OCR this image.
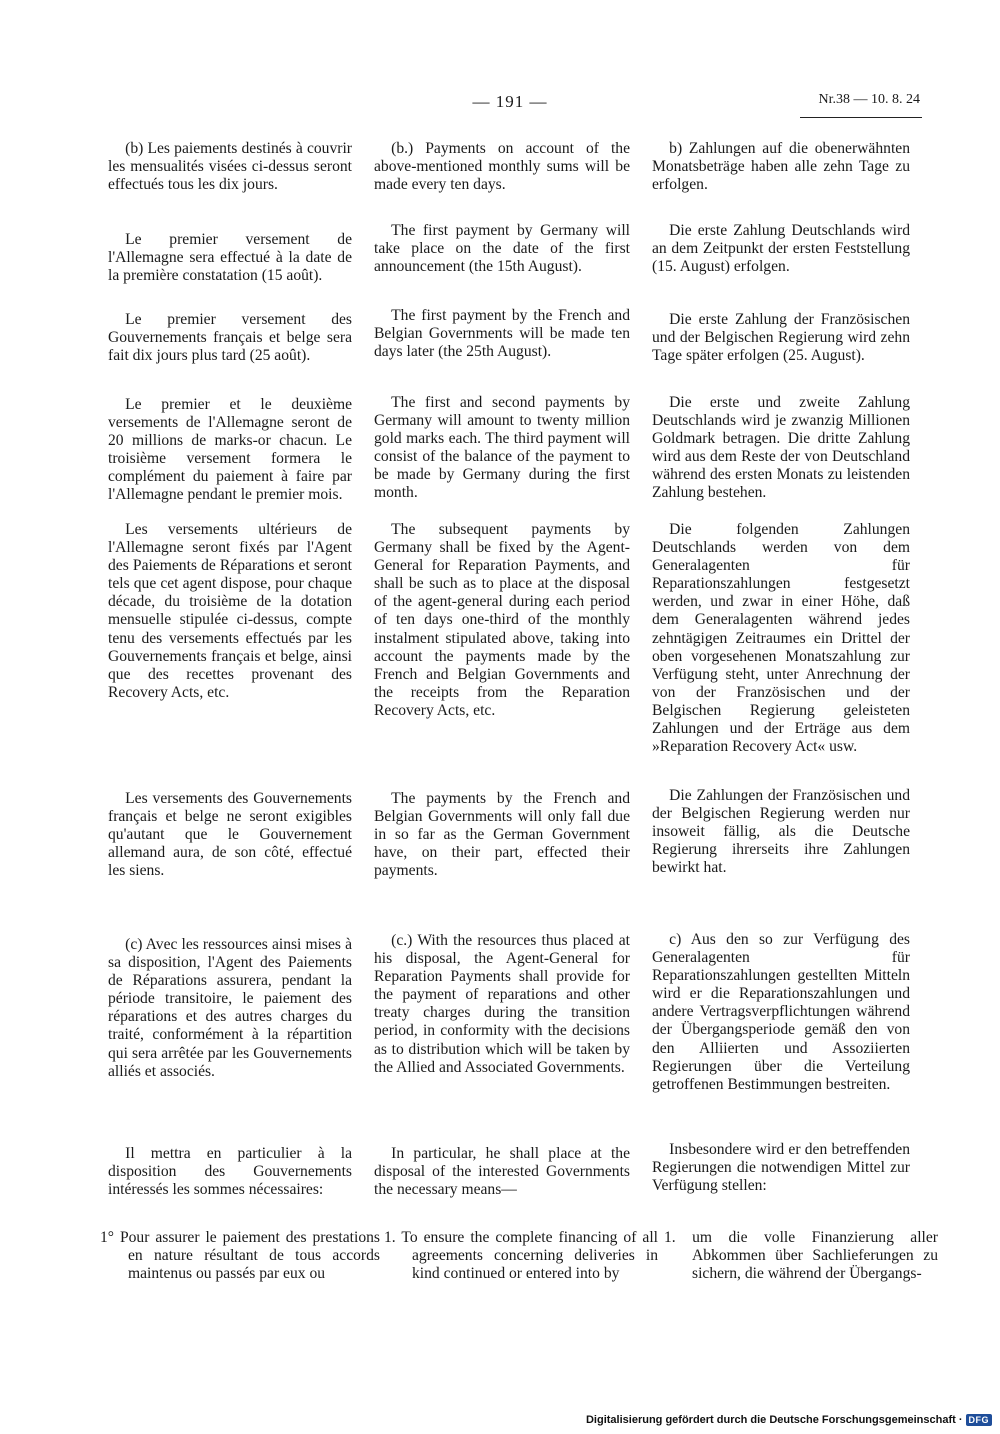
— 191 —	Nr.38 — 10. 8. 24

(b) Les paiements destinés à couvrir les mensualités visées ci-dessus seront effectués tous les dix jours.

Le premier versement de l'Allemagne sera effectué à la date de la première constatation (15 août).

Le premier versement des Gouvernements français et belge sera fait dix jours plus tard (25 août).

Le premier et le deuxième versements de l'Allemagne seront de 20 millions de marks-or chacun. Le troisième versement formera le complément du paiement à faire par l'Allemagne pendant le premier mois.

Les versements ultérieurs de l'Allemagne seront fixés par l'Agent des Paiements de Réparations et seront tels que cet agent dispose, pour chaque décade, du troisième de la dotation mensuelle stipulée ci-dessus, compte tenu des versements effectués par les Gouvernements français et belge, ainsi que des recettes provenant des Recovery Acts, etc.

Les versements des Gouvernements français et belge ne seront exigibles qu'autant que le Gouvernement allemand aura, de son côté, effectué les siens.

(c) Avec les ressources ainsi mises à sa disposition, l'Agent des Paiements de Réparations assurera, pendant la période transitoire, le paiement des réparations et des autres charges du traité, conformément à la répartition qui sera arrêtée par les Gouvernements alliés et associés.

Il mettra en particulier à la disposition des Gouvernements intéressés les sommes nécessaires:

1° Pour assurer le paiement des prestations en nature résultant de tous accords maintenus ou passés par eux ou

(b.) Payments on account of the above-mentioned monthly sums will be made every ten days.

The first payment by Germany will take place on the date of the first announcement (the 15th August).

The first payment by the French and Belgian Governments will be made ten days later (the 25th August).

The first and second payments by Germany will amount to twenty million gold marks each. The third payment will consist of the balance of the payment to be made by Germany during the first month.

The subsequent payments by Germany shall be fixed by the Agent-General for Reparation Payments, and shall be such as to place at the disposal of the agent-general during each period of ten days one-third of the monthly instalment stipulated above, taking into account the payments made by the French and Belgian Governments and the receipts from the Reparation Recovery Acts, etc.

The payments by the French and Belgian Governments will only fall due in so far as the German Government have, on their part, effected their payments.

(c.) With the resources thus placed at his disposal, the Agent-General for Reparation Payments shall provide for the payment of reparations and other treaty charges during the transition period, in conformity with the decisions as to distribution which will be taken by the Allied and Associated Governments.

In particular, he shall place at the disposal of the interested Governments the necessary means—

1. To ensure the complete financing of all agreements concerning deliveries in kind continued or entered into by

b) Zahlungen auf die obenerwähnten Monatsbeträge haben alle zehn Tage zu erfolgen.

Die erste Zahlung Deutschlands wird an dem Zeitpunkt der ersten Feststellung (15. August) erfolgen.

Die erste Zahlung der Französischen und der Belgischen Regierung wird zehn Tage später erfolgen (25. August).

Die erste und zweite Zahlung Deutschlands wird je zwanzig Millionen Goldmark betragen. Die dritte Zahlung wird aus dem Reste der von Deutschland während des ersten Monats zu leistenden Zahlung bestehen.

Die folgenden Zahlungen Deutschlands werden von dem Generalagenten für Reparationszahlungen festgesetzt werden, und zwar in einer Höhe, daß dem Generalagenten während jedes zehntägigen Zeitraumes ein Drittel der oben vorgesehenen Monatszahlung zur Verfügung steht, unter Anrechnung der von der Französischen und der Belgischen Regierung geleisteten Zahlungen und der Erträge aus dem »Reparation Recovery Act« usw.

Die Zahlungen der Französischen und der Belgischen Regierung werden nur insoweit fällig, als die Deutsche Regierung ihrerseits ihre Zahlungen bewirkt hat.

c) Aus den so zur Verfügung des Generalagenten für Reparationszahlungen gestellten Mitteln wird er die Reparationszahlungen und andere Vertragsverpflichtungen während der Übergangsperiode gemäß den von den Alliierten und Assoziierten Regierungen über die Verteilung getroffenen Bestimmungen bestreiten.

Insbesondere wird er den betreffenden Regierungen die notwendigen Mittel zur Verfügung stellen:

1. um die volle Finanzierung aller Abkommen über Sachlieferungen zu sichern, die während der Übergangs-

Digitalisierung gefördert durch die Deutsche Forschungsgemeinschaft · DFG
